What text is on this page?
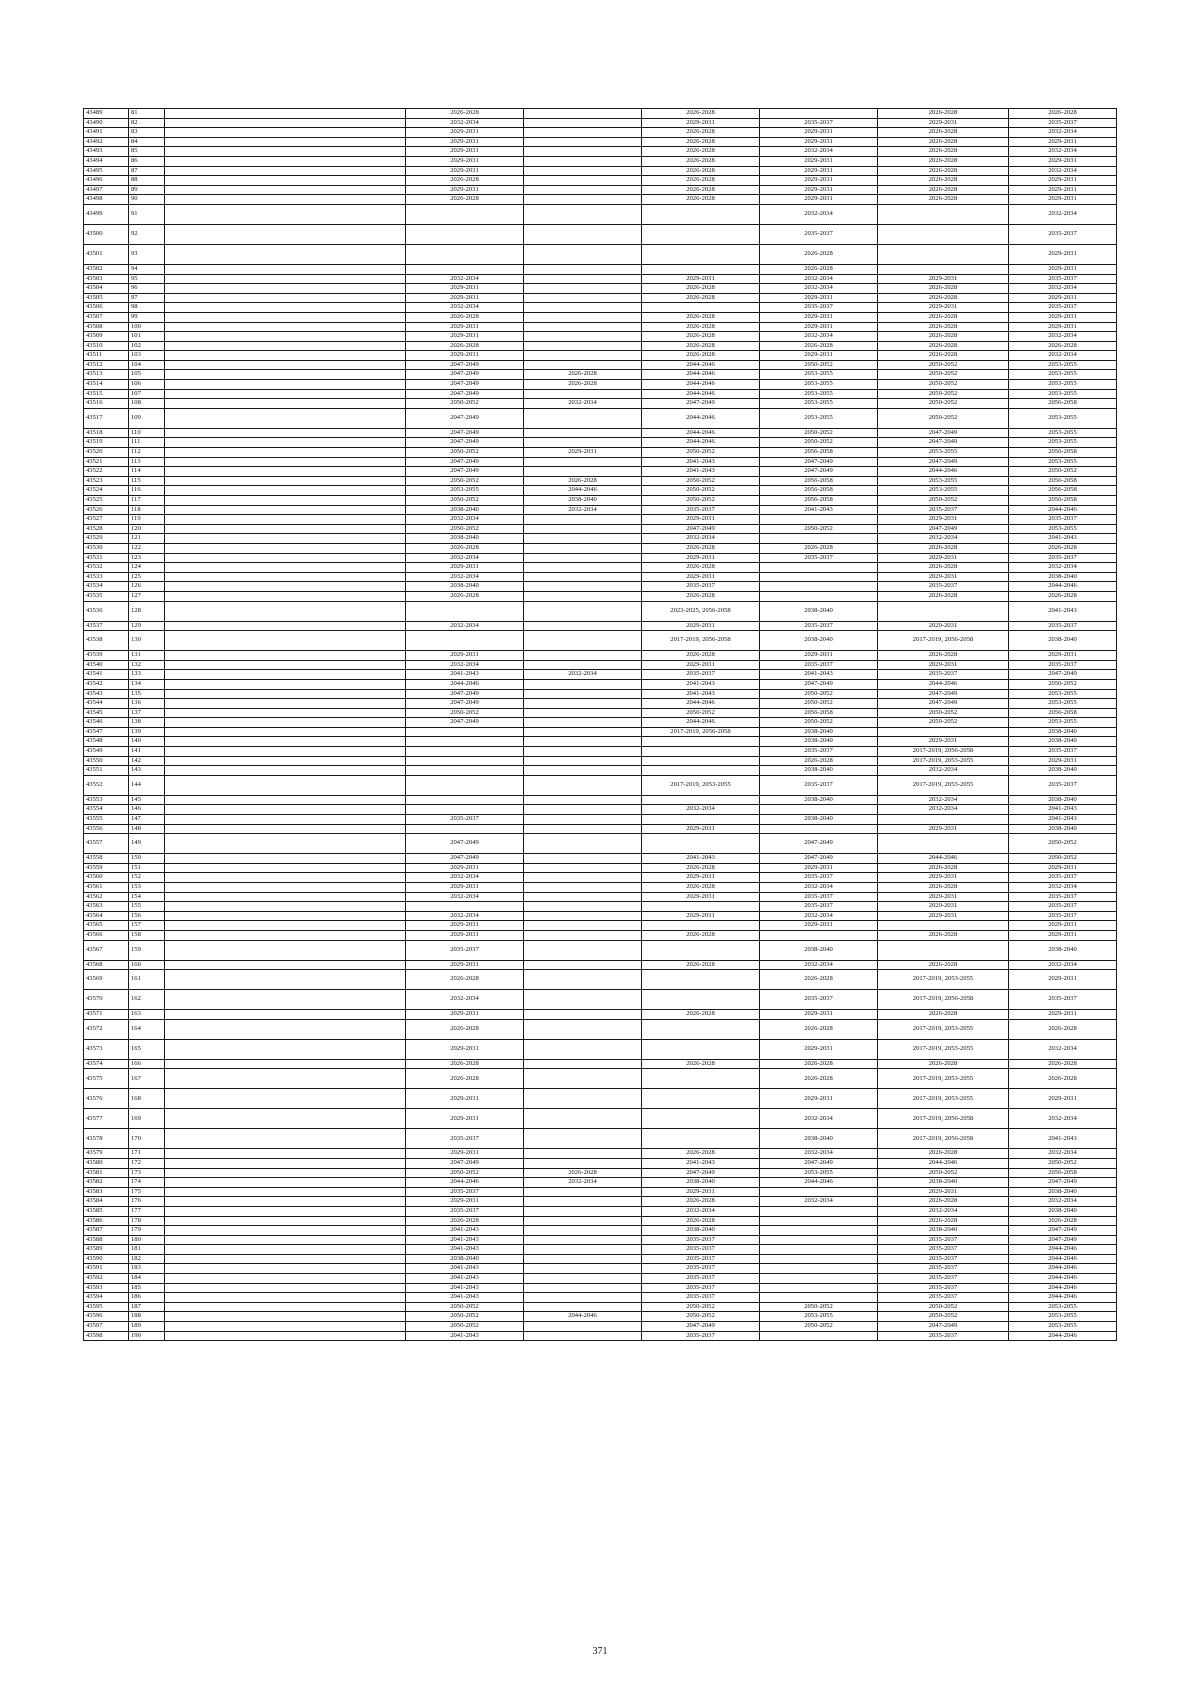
43489	81		2026-2028		2026-2028		2026-2028	2026-2028
43490	82		2032-2034		2029-2031	2035-2037	2029-2031	2035-2037
43491	83		2029-2031		2026-2028	2029-2031	2026-2028	2032-2034
43492	84		2029-2031		2026-2028	2029-2031	2026-2028	2029-2031
43493	85		2029-2031		2026-2028	2032-2034	2026-2028	2032-2034
43494	86		2029-2031		2026-2028	2029-2031	2026-2028	2029-2031
43495	87		2029-2031		2026-2028	2029-2031	2026-2028	2032-2034
43496	88		2026-2028		2026-2028	2029-2031	2026-2028	2029-2031
43497	89		2029-2031		2026-2028	2029-2031	2026-2028	2029-2031
43498	90		2026-2028		2026-2028	2029-2031	2026-2028	2029-2031
43499	91					2032-2034		2032-2034
43500	92					2035-2037		2035-2037
43501	93					2026-2028		2029-2031
43502	94					2026-2028		2029-2031
43503	95		2032-2034		2029-2031	2032-2034	2029-2031	2035-2037
43504	96		2029-2031		2026-2028	2032-2034	2026-2028	2032-2034
43505	97		2029-2031		2026-2028	2029-2031	2026-2028	2029-2031
43506	98		2032-2034			2035-2037	2029-2031	2035-2037
43507	99		2026-2028		2026-2028	2029-2031	2026-2028	2029-2031
43508	100		2029-2031		2026-2028	2029-2031	2026-2028	2029-2031
43509	101		2029-2031		2026-2028	2032-2034	2026-2028	2032-2034
43510	102		2026-2028		2026-2028	2026-2028	2026-2028	2026-2028
43511	103		2029-2031		2026-2028	2029-2031	2026-2028	2032-2034
43512	104		2047-2049		2044-2046	2050-2052	2050-2052	2053-2055
43513	105		2047-2049	2026-2028	2044-2046	2053-2055	2050-2052	2053-2055
43514	106		2047-2049	2026-2028	2044-2046	2053-2055	2050-2052	2053-2055
43515	107		2047-2049		2044-2046	2053-2055	2050-2052	2053-2055
43516	108		2050-2052	2032-2034	2047-2049	2053-2055	2050-2052	2056-2058
43517	109		2047-2049		2044-2046	2053-2055	2050-2052	2053-2055
43518	110		2047-2049		2044-2046	2050-2052	2047-2049	2053-2055
43519	111		2047-2049		2044-2046	2050-2052	2047-2049	2053-2055
43520	112		2050-2052	2029-2031	2050-2052	2056-2058	2053-2055	2056-2058
43521	113		2047-2049		2041-2043	2047-2049	2047-2049	2053-2055
43522	114		2047-2049		2041-2043	2047-2049	2044-2046	2050-2052
43523	115		2050-2052	2026-2028	2050-2052	2056-2058	2053-2055	2056-2058
43524	116		2053-2055	2044-2046	2050-2052	2056-2058	2053-2055	2056-2058
43525	117		2050-2052	2038-2040	2050-2052	2056-2058	2050-2052	2056-2058
43526	118		2038-2040	2032-2034	2035-2037	2041-2043	2035-2037	2044-2046
43527	119		2032-2034		2029-2031		2029-2031	2035-2037
43528	120		2050-2052		2047-2049	2050-2052	2047-2049	2053-2055
43529	121		2038-2040		2032-2034		2032-2034	2041-2043
43530	122		2026-2028		2026-2028	2026-2028	2026-2028	2026-2028
43531	123		2032-2034		2029-2031	2035-2037	2029-2031	2035-2037
43532	124		2029-2031		2026-2028		2026-2028	2032-2034
43533	125		2032-2034		2029-2031		2029-2031	2038-2040
43534	126		2038-2040		2035-2037		2035-2037	2044-2046
43535	127		2026-2028		2026-2028		2026-2028	2026-2028
43536	128				2023-2025, 2056-2058	2038-2040		2041-2043
43537	129		2032-2034		2029-2031	2035-2037	2029-2031	2035-2037
43538	130				2017-2019, 2056-2058	2038-2040	2017-2019, 2056-2058	2038-2040
43539	131		2029-2031		2026-2028	2029-2031	2026-2028	2029-2031
43540	132		2032-2034		2029-2031	2035-2037	2029-2031	2035-2037
43541	133		2041-2043	2032-2034	2035-2037	2041-2043	2035-2037	2047-2049
43542	134		2044-2046		2041-2043	2047-2049	2044-2046	2050-2052
43543	135		2047-2049		2041-2043	2050-2052	2047-2049	2053-2055
43544	136		2047-2049		2044-2046	2050-2052	2047-2049	2053-2055
43545	137		2050-2052		2050-2052	2056-2058	2050-2052	2056-2058
43546	138		2047-2049		2044-2046	2050-2052	2050-2052	2053-2055
43547	139				2017-2019, 2056-2058	2038-2040		2038-2040
43548	140					2038-2040	2029-2031	2038-2040
43549	141					2035-2037	2017-2019, 2056-2058	2035-2037
43550	142					2026-2028	2017-2019, 2053-2055	2029-2031
43551	143					2038-2040	2032-2034	2038-2040
43552	144				2017-2019, 2053-2055	2035-2037	2017-2019, 2053-2055	2035-2037
43553	145					2038-2040	2032-2034	2038-2040
43554	146				2032-2034		2032-2034	2041-2043
43555	147		2035-2037			2038-2040		2041-2043
43556	148				2029-2031		2029-2031	2038-2040
43557	149		2047-2049			2047-2049		2050-2052
43558	150		2047-2049		2041-2043	2047-2049	2044-2046	2050-2052
43559	151		2029-2031		2026-2028	2029-2031	2026-2028	2029-2031
43560	152		2032-2034		2029-2031	2035-2037	2029-2031	2035-2037
43561	153		2029-2031		2026-2028	2032-2034	2026-2028	2032-2034
43562	154		2032-2034		2029-2031	2035-2037	2029-2031	2035-2037
43563	155					2035-2037	2029-2031	2035-2037
43564	156		2032-2034		2029-2031	2032-2034	2029-2031	2035-2037
43565	157		2029-2031			2029-2031		2029-2031
43566	158		2029-2031		2026-2028		2026-2028	2029-2031
43567	159		2035-2037			2038-2040		2038-2040
43568	160		2029-2031		2026-2028	2032-2034	2026-2028	2032-2034
43569	161		2026-2028			2026-2028	2017-2019, 2053-2055	2029-2031
43570	162		2032-2034			2035-2037	2017-2019, 2056-2058	2035-2037
43571	163		2029-2031		2026-2028	2029-2031	2026-2028	2029-2031
43572	164		2026-2028			2026-2028	2017-2019, 2053-2055	2026-2028
43573	165		2029-2031			2029-2031	2017-2019, 2053-2055	2032-2034
43574	166		2026-2028		2026-2028	2026-2028	2026-2028	2026-2028
43575	167		2026-2028			2026-2028	2017-2019, 2053-2055	2026-2028
43576	168		2029-2031			2029-2031	2017-2019, 2053-2055	2029-2031
43577	169		2029-2031			2032-2034	2017-2019, 2056-2058	2032-2034
43578	170		2035-2037			2038-2040	2017-2019, 2056-2058	2041-2043
43579	171		2029-2031		2026-2028	2032-2034	2026-2028	2032-2034
43580	172		2047-2049		2041-2043	2047-2049	2044-2046	2050-2052
43581	173		2050-2052	2026-2028	2047-2049	2053-2055	2050-2052	2056-2058
43582	174		2044-2046	2032-2034	2038-2040	2044-2046	2038-2040	2047-2049
43583	175		2035-2037		2029-2031		2029-2031	2038-2040
43584	176		2029-2031		2026-2028	2032-2034	2026-2028	2032-2034
43585	177		2035-2037		2032-2034		2032-2034	2038-2040
43586	178		2026-2028		2026-2028		2026-2028	2026-2028
43587	179		2041-2043		2038-2040		2038-2040	2047-2049
43588	180		2041-2043		2035-2037		2035-2037	2047-2049
43589	181		2041-2043		2035-2037		2035-2037	2044-2046
43590	182		2038-2040		2035-2037		2035-2037	2044-2046
43591	183		2041-2043		2035-2037		2035-2037	2044-2046
43592	184		2041-2043		2035-2037		2035-2037	2044-2046
43593	185		2041-2043		2035-2037		2035-2037	2044-2046
43594	186		2041-2043		2035-2037		2035-2037	2044-2046
43595	187		2050-2052		2050-2052	2050-2052	2050-2052	2053-2055
43596	188		2050-2052	2044-2046	2050-2052	2053-2055	2050-2052	2053-2055
43597	189		2050-2052		2047-2049	2050-2052	2047-2049	2053-2055
43598	190		2041-2043		2035-2037		2035-2037	2044-2046
371
